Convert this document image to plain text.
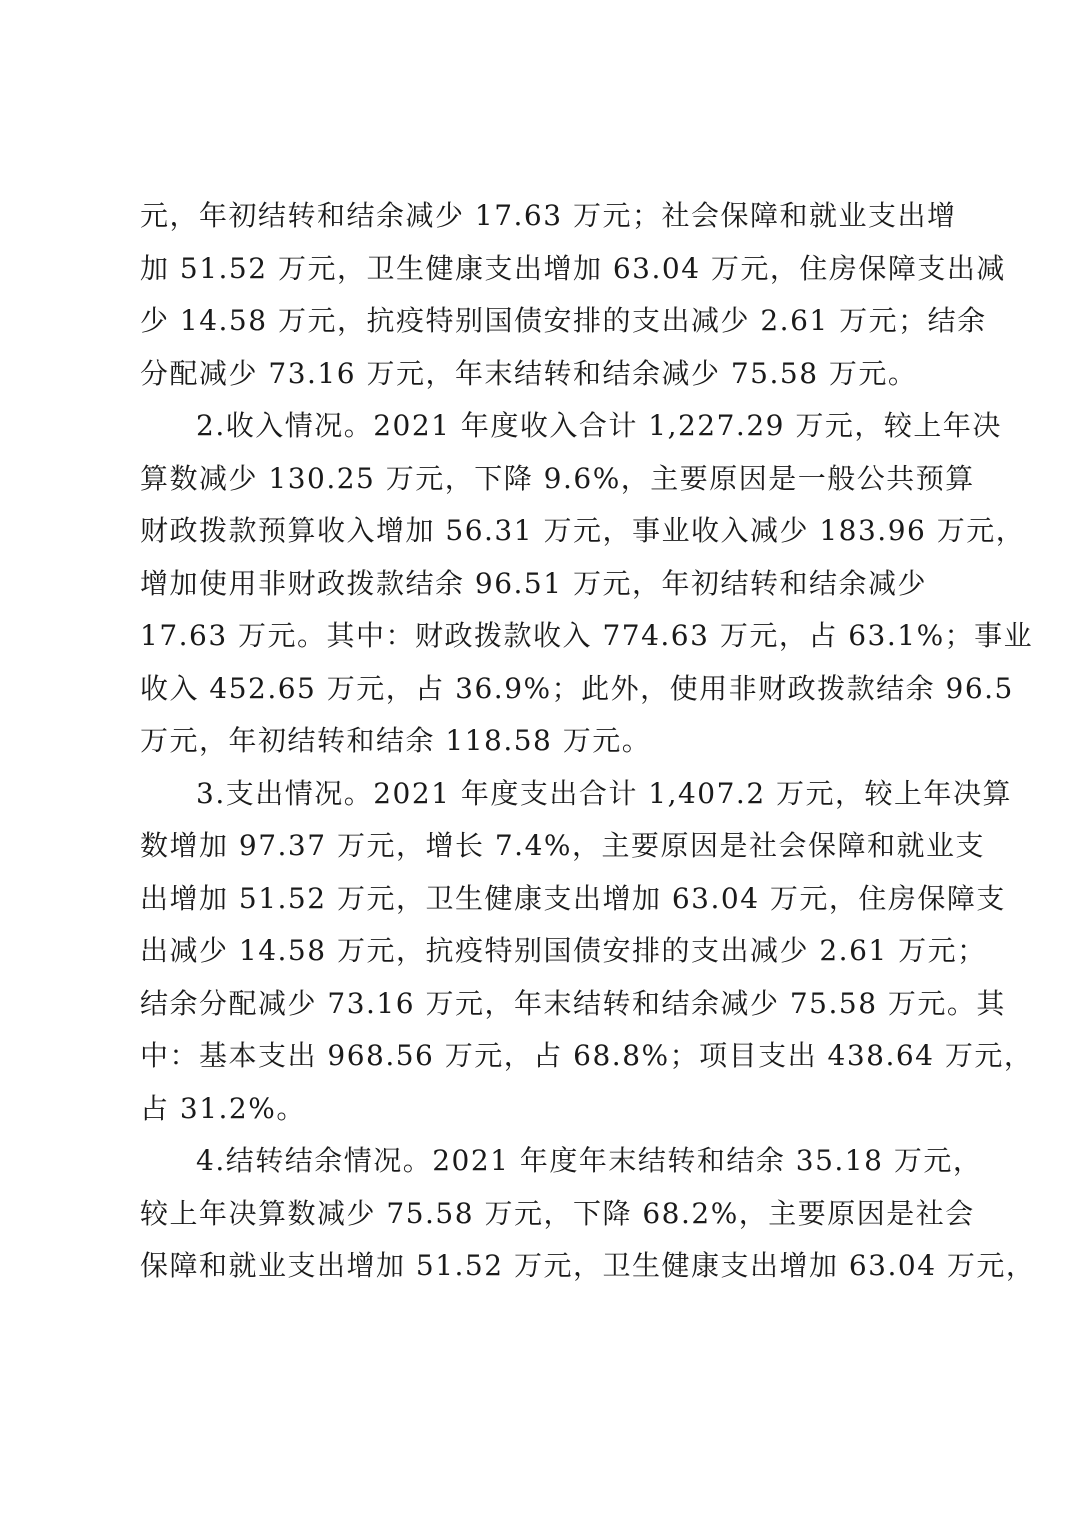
元，年初结转和结余减少 17.63 万元；社会保障和就业支出增
加 51.52 万元，卫生健康支出增加 63.04 万元，住房保障支出减
少 14.58 万元，抗疫特别国债安排的支出减少 2.61 万元；结余
分配减少 73.16 万元，年末结转和结余减少 75.58 万元。
2.收入情况。2021 年度收入合计 1,227.29 万元，较上年决
算数减少 130.25 万元，下降 9.6%，主要原因是一般公共预算
财政拨款预算收入增加 56.31 万元，事业收入减少 183.96 万元，
增加使用非财政拨款结余 96.51 万元，年初结转和结余减少
17.63 万元。其中：财政拨款收入 774.63 万元，占 63.1%；事业
收入 452.65 万元，占 36.9%；此外，使用非财政拨款结余 96.5
万元，年初结转和结余 118.58 万元。
3.支出情况。2021 年度支出合计 1,407.2 万元，较上年决算
数增加 97.37 万元，增长 7.4%，主要原因是社会保障和就业支
出增加 51.52 万元，卫生健康支出增加 63.04 万元，住房保障支
出减少 14.58 万元，抗疫特别国债安排的支出减少 2.61 万元；
结余分配减少 73.16 万元，年末结转和结余减少 75.58 万元。其
中：基本支出 968.56 万元，占 68.8%；项目支出 438.64 万元，
占 31.2%。
4.结转结余情况。2021 年度年末结转和结余 35.18 万元，
较上年决算数减少 75.58 万元，下降 68.2%，主要原因是社会
保障和就业支出增加 51.52 万元，卫生健康支出增加 63.04 万元，
